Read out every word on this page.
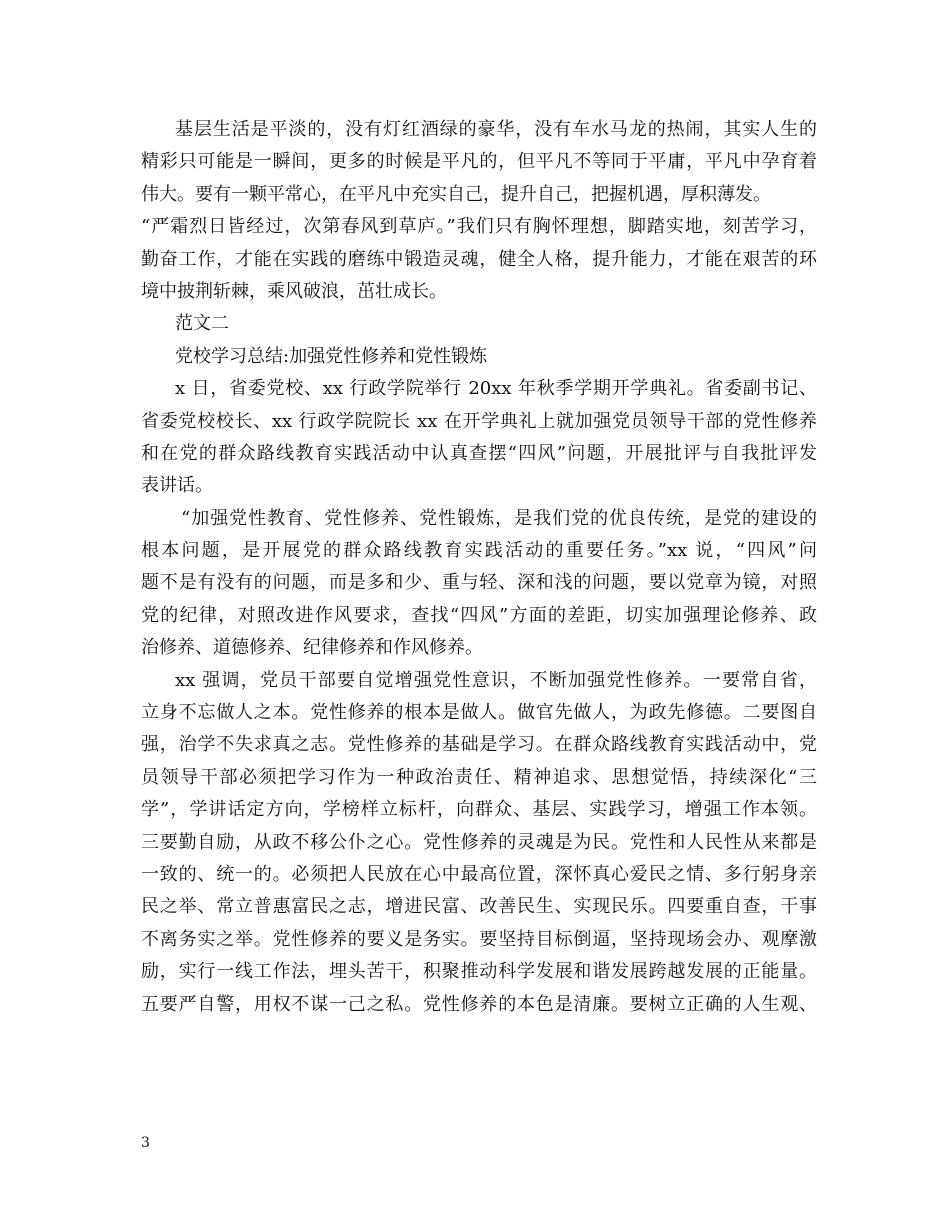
基层生活是平淡的，没有灯红酒绿的豪华，没有车水马龙的热闹，其实人生的
精彩只可能是一瞬间，更多的时候是平凡的，但平凡不等同于平庸，平凡中孕育着
伟大。要有一颗平常心，在平凡中充实自己，提升自己，把握机遇，厚积薄发。
“严霜烈日皆经过，次第春风到草庐。”我们只有胸怀理想，脚踏实地，刻苦学习，
勤奋工作，才能在实践的磨练中锻造灵魂，健全人格，提升能力，才能在艰苦的环
境中披荆斩棘，乘风破浪，茁壮成长。
范文二
党校学习总结:加强党性修养和党性锻炼
x 日，省委党校、xx 行政学院举行 20xx 年秋季学期开学典礼。省委副书记、
省委党校校长、xx 行政学院院长 xx 在开学典礼上就加强党员领导干部的党性修养
和在党的群众路线教育实践活动中认真查摆“四风”问题，开展批评与自我批评发
表讲话。
“加强党性教育、党性修养、党性锻炼，是我们党的优良传统，是党的建设的
根本问题，是开展党的群众路线教育实践活动的重要任务。”xx 说，“四风”问
题不是有没有的问题，而是多和少、重与轻、深和浅的问题，要以党章为镜，对照
党的纪律，对照改进作风要求，查找“四风”方面的差距，切实加强理论修养、政
治修养、道德修养、纪律修养和作风修养。
xx 强调，党员干部要自觉增强党性意识，不断加强党性修养。一要常自省，
立身不忘做人之本。党性修养的根本是做人。做官先做人，为政先修德。二要图自
强，治学不失求真之志。党性修养的基础是学习。在群众路线教育实践活动中，党
员领导干部必须把学习作为一种政治责任、精神追求、思想觉悟，持续深化“三
学”，学讲话定方向，学榜样立标杆，向群众、基层、实践学习，增强工作本领。
三要勤自励，从政不移公仆之心。党性修养的灵魂是为民。党性和人民性从来都是
一致的、统一的。必须把人民放在心中最高位置，深怀真心爱民之情、多行躬身亲
民之举、常立普惠富民之志，增进民富、改善民生、实现民乐。四要重自查，干事
不离务实之举。党性修养的要义是务实。要坚持目标倒逼，坚持现场会办、观摩激
励，实行一线工作法，埋头苦干，积聚推动科学发展和谐发展跨越发展的正能量。
五要严自警，用权不谋一己之私。党性修养的本色是清廉。要树立正确的人生观、
3
